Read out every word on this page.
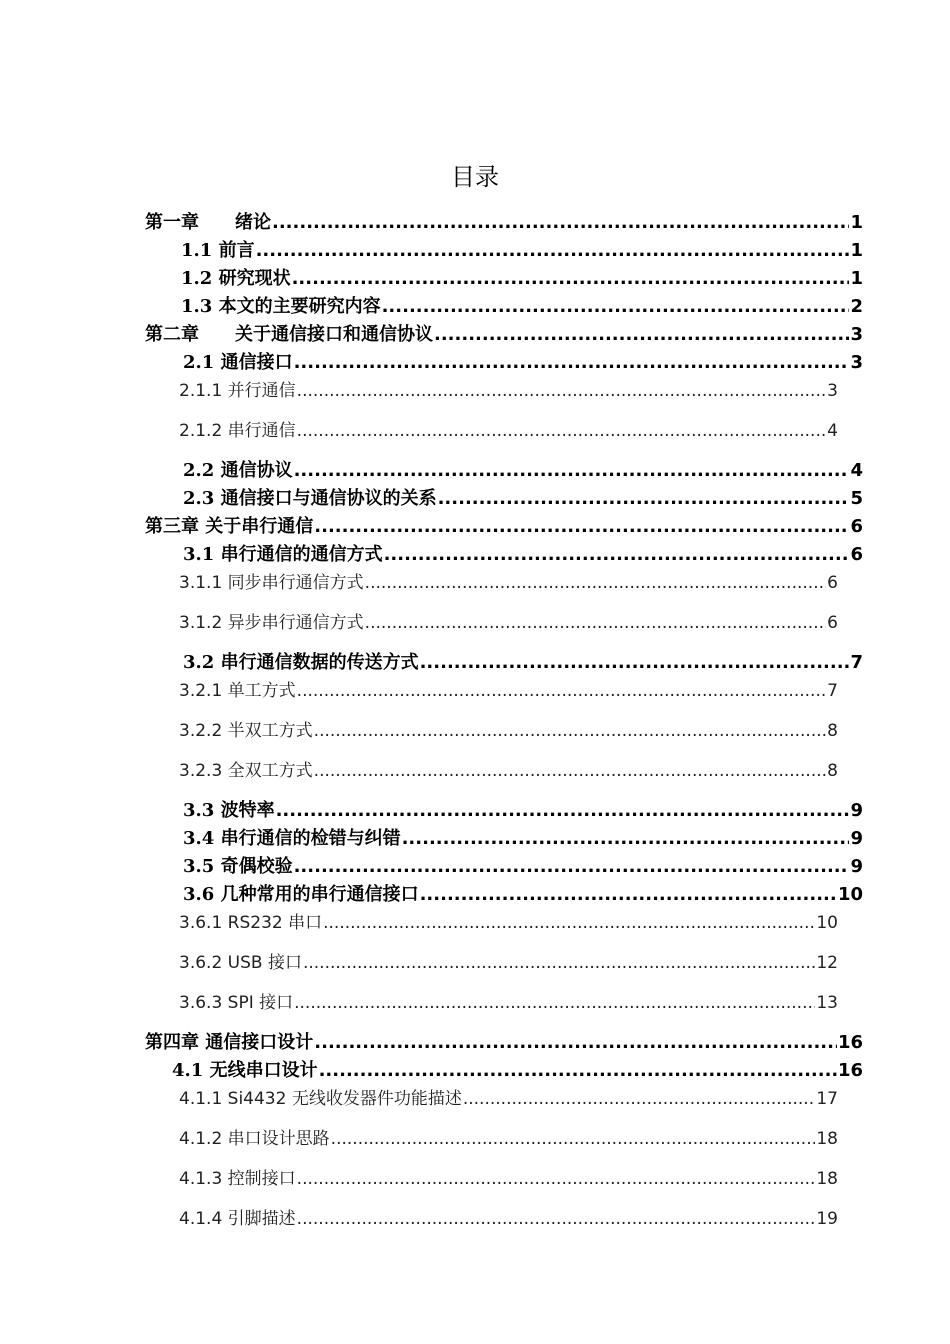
目录
第一章　　绪论 .....	1
1.1 前言 .....	1
1.2 研究现状 .....	1
1.3 本文的主要研究内容 .....	2
第二章　　关于通信接口和通信协议 .....	3
2.1 通信接口 .....	3
2.1.1 并行通信 .....	3
2.1.2 串行通信 .....	4
2.2 通信协议 .....	4
2.3 通信接口与通信协议的关系 .....	5
第三章 关于串行通信 .....	6
3.1 串行通信的通信方式 .....	6
3.1.1 同步串行通信方式 .....	6
3.1.2 异步串行通信方式 .....	6
3.2 串行通信数据的传送方式 .....	7
3.2.1 单工方式 .....	7
3.2.2 半双工方式 .....	8
3.2.3 全双工方式 .....	8
3.3 波特率 .....	9
3.4 串行通信的检错与纠错 .....	9
3.5 奇偶校验 .....	9
3.6 几种常用的串行通信接口 .....	10
3.6.1 RS232 串口 .....	10
3.6.2 USB 接口 .....	12
3.6.3 SPI 接口 .....	13
第四章 通信接口设计 .....	16
4.1 无线串口设计 .....	16
4.1.1 Si4432 无线收发器件功能描述 .....	17
4.1.2 串口设计思路 .....	18
4.1.3 控制接口 .....	18
4.1.4 引脚描述 .....	19
